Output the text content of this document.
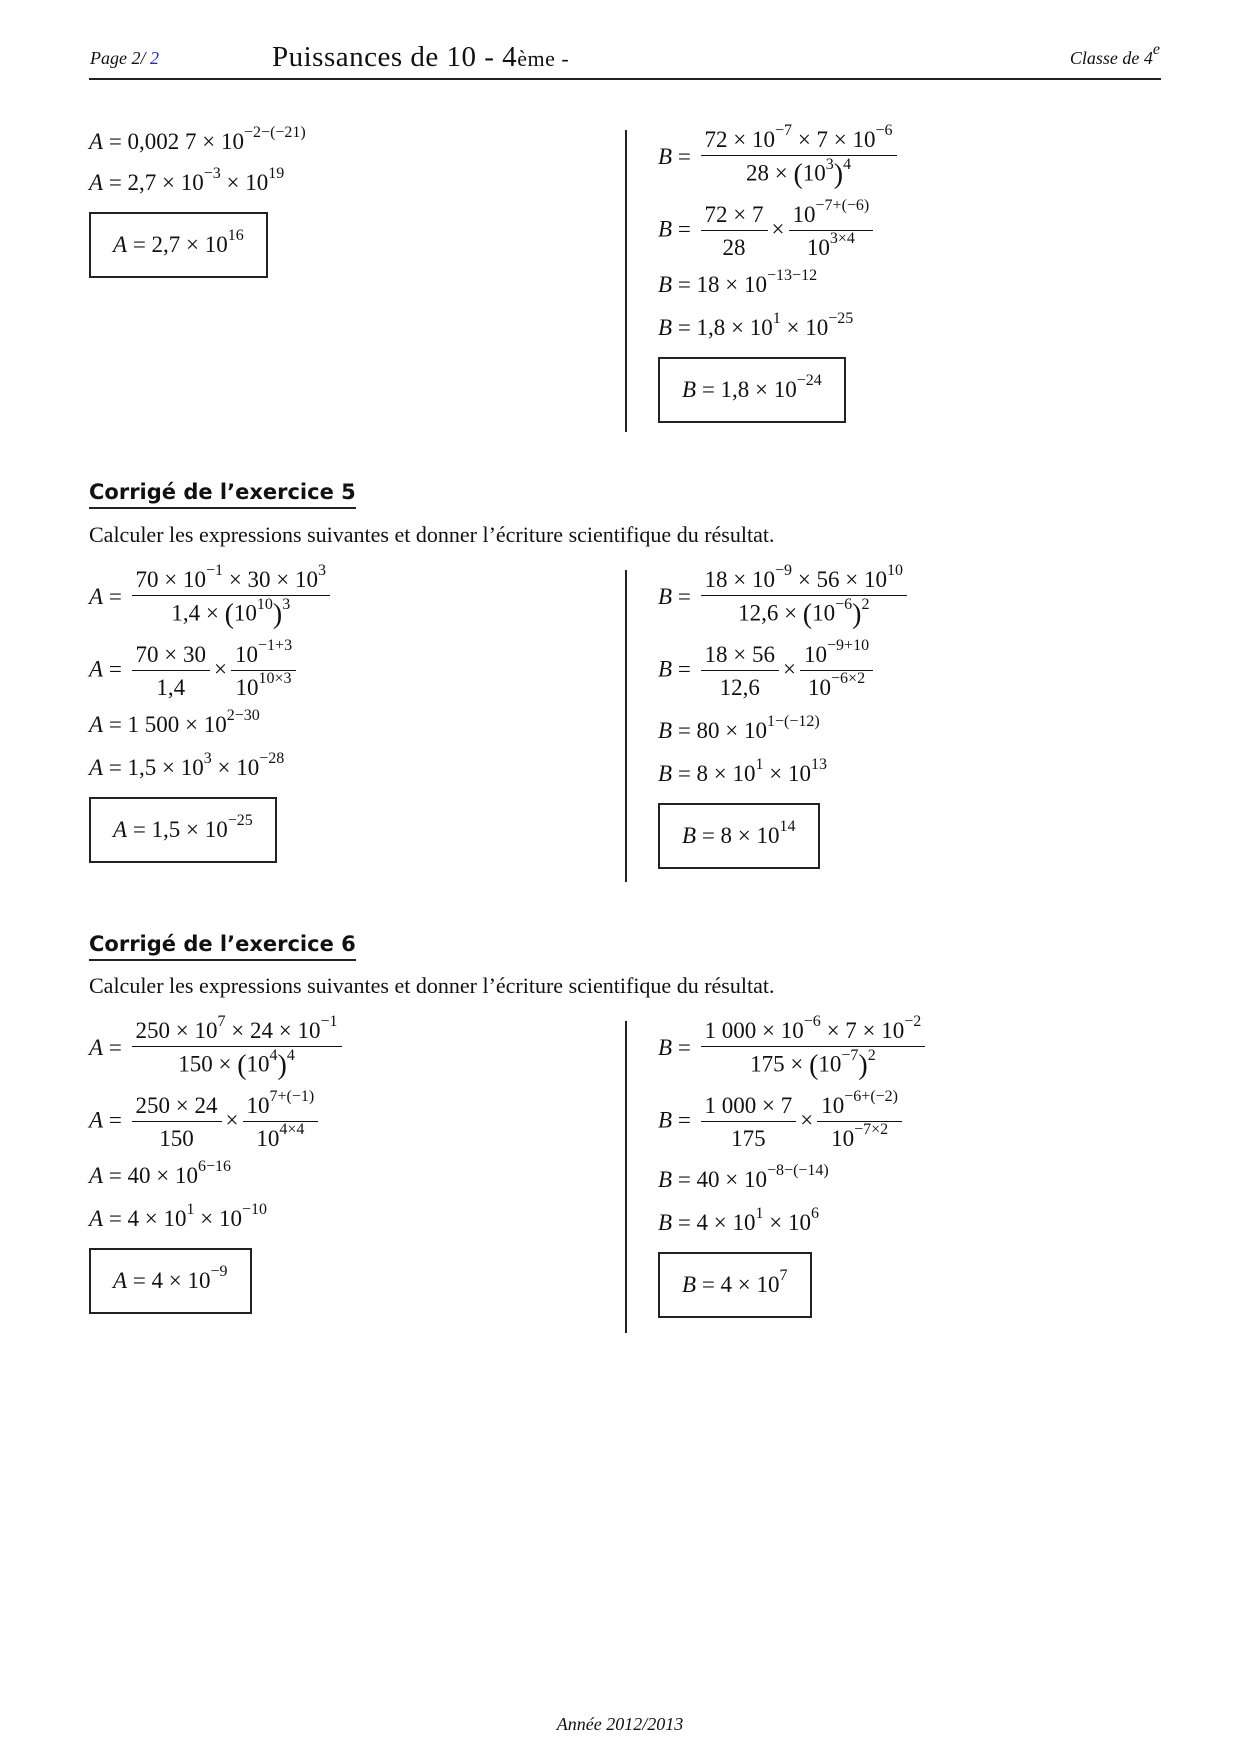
Page 2/ 2	Puissances de 10 - 4ème -	Classe de 4e
A = 0,002 $7 \times 10^{-2-(-21)}$
$A = 2,7 \times 10^{-3} \times 10^{19}$
$A = 2,7 \times 10^{16}$
$B = \frac{72 \times 10^{-7} \times 7 \times 10^{-6}}{28 \times (10^3)^4}$
$B = \frac{72 \times 7}{28} \times \frac{10^{-7+(-6)}}{10^{3\times 4}}$
$B = 18 \times 10^{-13-12}$
$B = 1,8 \times 10^1 \times 10^{-25}$
$B = 1,8 \times 10^{-24}$
Corrigé de l’exercice 5
Calculer les expressions suivantes et donner l’écriture scientifique du résultat.
$A = \frac{70 \times 10^{-1} \times 30 \times 10^3}{1,4 \times (10^{10})^3}$
$A = \frac{70 \times 30}{1,4} \times \frac{10^{-1+3}}{10^{10\times 3}}$
A = 1 $500 \times 10^{2-30}$
$A = 1,5 \times 10^3 \times 10^{-28}$
$A = 1,5 \times 10^{-25}$
$B = \frac{18 \times 10^{-9} \times 56 \times 10^{10}}{12,6 \times (10^{-6})^2}$
$B = \frac{18 \times 56}{12,6} \times \frac{10^{-9+10}}{10^{-6\times 2}}$
$B = 80 \times 10^{1-(-12)}$
$B = 8 \times 10^1 \times 10^{13}$
$B = 8 \times 10^{14}$
Corrigé de l’exercice 6
Calculer les expressions suivantes et donner l’écriture scientifique du résultat.
$A = \frac{250 \times 10^7 \times 24 \times 10^{-1}}{150 \times (10^4)^4}$
$A = \frac{250 \times 24}{150} \times \frac{10^{7+(-1)}}{10^{4\times 4}}$
$A = 40 \times 10^{6-16}$
$A = 4 \times 10^1 \times 10^{-10}$
$A = 4 \times 10^{-9}$
$B = \frac{1 000 \times 10^{-6} \times 7 \times 10^{-2}}{175 \times (10^{-7})^2}$
$B = \frac{1 000 \times 7}{175} \times \frac{10^{-6+(-2)}}{10^{-7\times 2}}$
$B = 40 \times 10^{-8-(-14)}$
$B = 4 \times 10^1 \times 10^6$
$B = 4 \times 10^7$
Année 2012/2013
